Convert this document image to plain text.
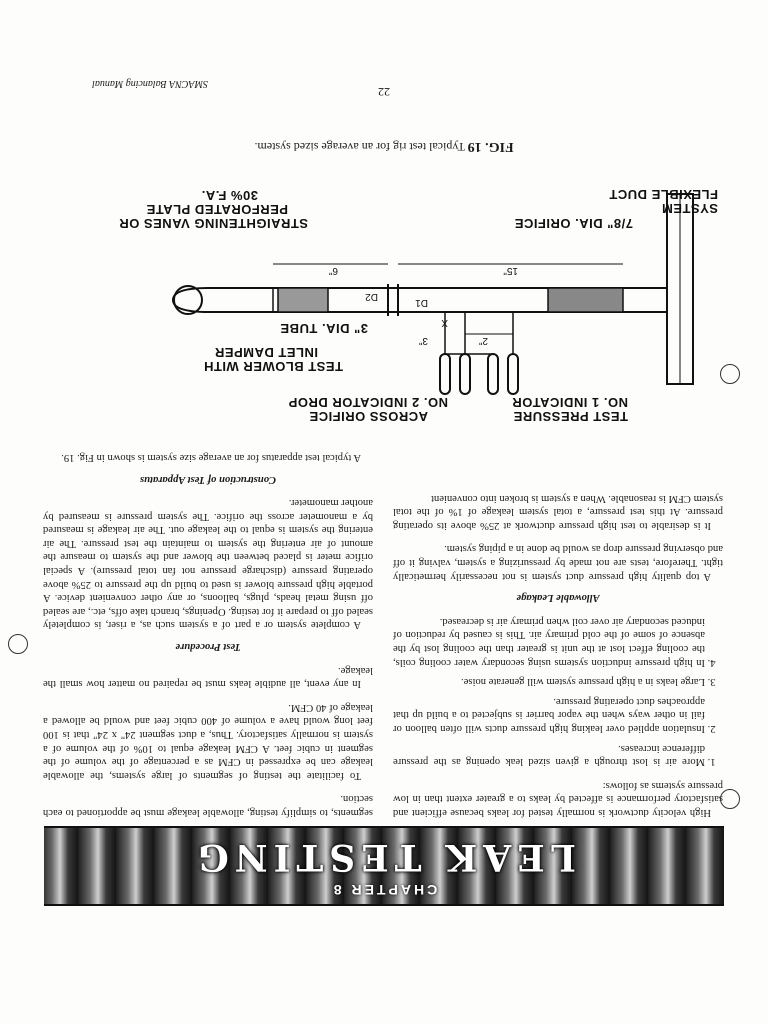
CHAPTER 8
LEAK TESTING

High velocity ductwork is normally tested for leaks because efficient and satisfactory performance is affected by leaks to a greater extent than in low pressure systems as follows:

1. More air is lost through a given sized leak opening as the pressure difference increases.
2. Insulation applied over leaking high pressure ducts will often balloon or fail in other ways when the vapor barrier is subjected to a build up that approaches duct operating pressure.
3. Large leaks in a high pressure system will generate noise.
4. In high pressure induction systems using secondary water cooling coils, the cooling effect lost at the unit is greater than the cooling lost by the absence of some of the cold primary air. This is caused by reduction of induced secondary air over coil when primary air is decreased.
Allowable Leakage

A top quality high pressure duct system is not necessarily hermetically tight. Therefore, tests are not made by pressurizing a system, valving it off and observing pressure drop as would be done in a piping system.

It is desirable to test high pressure ductwork at 25% above its operating pressure. At this test pressure, a total system leakage of 1% of the total system CFM is reasonable. When a system is broken into convenient

segments, to simplify testing, allowable leakage must be apportioned to each section.

To facilitate the testing of segments of large systems, the allowable leakage can be expressed in CFM as a percentage of the volume of the segment in cubic feet. A CFM leakage equal to 10% of the volume of a system is normally satisfactory. Thus, a duct segment 24" x 24" that is 100 feet long would have a volume of 400 cubic feet and would be allowed a leakage of 40 CFM.

In any event, all audible leaks must be repaired no matter how small the leakage.

Test Procedure

A complete system or a part of a system such as, a riser, is completely sealed off to prepare it for testing. Openings, branch take offs, etc., are sealed off using metal heads, plugs, balloons, or any other convenient device. A portable high pressure blower is used to build up the pressure to 25% above operating pressure (discharge pressure not fan total pressure). A special orifice meter is placed between the blower and the system to measure the amount of air entering the system to maintain the test pressure. The air entering the system is equal to the leakage out. The air leakage is measured by a manometer across the orifice. The system pressure is measured by another manometer.

Construction of Test Apparatus

A typical test apparatus for an average size system is shown in Fig. 19.

SYSTEM
FLEXIBLE DUCT
7/8" DIA. ORIFICE
STRAIGHTENING VANES OR
PERFORATED PLATE
30% F.A.
3" DIA. TUBE
TEST BLOWER WITH
INLET DAMPER
NO. 1 INDICATOR
TEST PRESSURE
NO. 2 INDICATOR DROP
ACROSS ORIFICE
15"
6"
2"
3"
X
D1
D2
FIG. 19 Typical test rig for an average sized system.
22
SMACNA Balancing Manual
